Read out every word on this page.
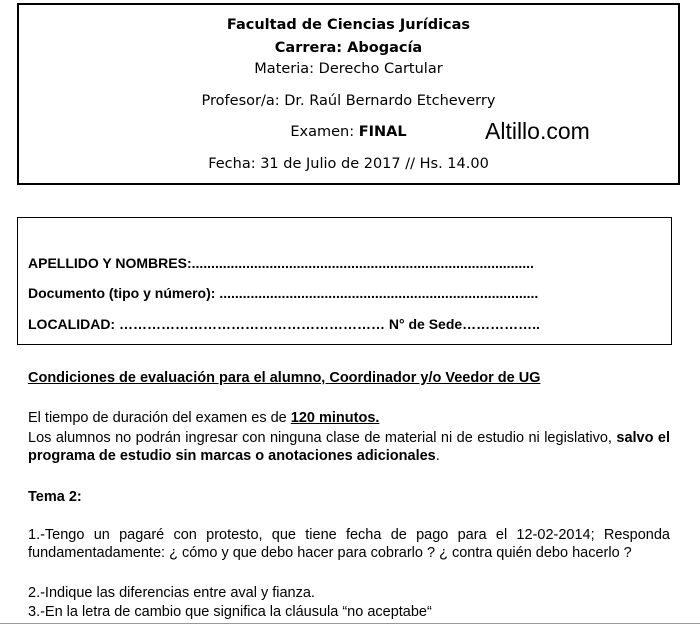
Facultad de Ciencias Jurídicas
Carrera: Abogacía
Materia: Derecho Cartular
Profesor/a: Dr. Raúl Bernardo Etcheverry
Examen: FINAL
Fecha: 31 de Julio de 2017 // Hs. 14.00
Altillo.com
APELLIDO Y NOMBRES:........................................................................................
Documento (tipo y número): ..................................................................................
LOCALIDAD: ………………………………………………… N° de Sede……………..
Condiciones de evaluación para el alumno, Coordinador y/o Veedor de UG
El tiempo de duración del examen es de 120 minutos.
Los alumnos no podrán ingresar con ninguna clase de material ni de estudio ni legislativo, salvo el programa de estudio sin marcas o anotaciones adicionales.
Tema 2:
1.-Tengo un pagaré con protesto, que tiene fecha de pago para el 12-02-2014; Responda fundamentadamente: ¿ cómo y que debo hacer para cobrarlo ? ¿ contra quién debo hacerlo ?
2.-Indique las diferencias entre aval y fianza.
3.-En la letra de cambio que significa la cláusula “no aceptabe“
